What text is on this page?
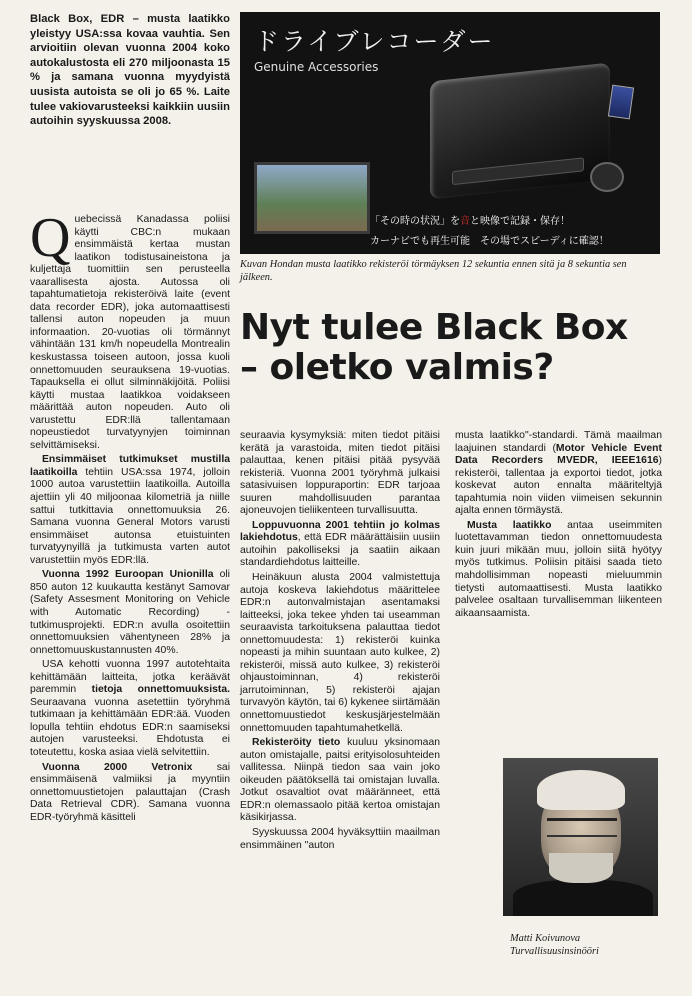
Black Box, EDR – musta laatikko yleistyy USA:ssa kovaa vauhtia. Sen arvioitiin olevan vuonna 2004 koko autokalustosta eli 270 miljoonasta 15 % ja samana vuonna myydyistä uusista autoista se oli jo 65 %. Laite tulee vakiovarusteeksi kaikkiin uusiin autoihin syyskuussa 2008.
ドライブレコーダー
Genuine Accessories
「その時の状況」を音と映像で記録・保存！
カーナビでも再生可能　その場でスピーディに確認！
Kuvan Hondan musta laatikko rekisteröi törmäyksen 12 sekuntia ennen sitä ja 8 sekuntia sen jälkeen.
Nyt tulee Black Box
– oletko valmis?

Quebecissä Kanadassa poliisi käytti CBC:n mukaan ensimmäistä kertaa mustan laatikon todistusaineistona ja kuljettaja tuomittiin sen perusteella vaarallisesta ajosta. Autossa oli tapahtumatietoja rekisteröivä laite (event data recorder EDR), joka automaattisesti tallensi auton nopeuden ja muun informaation. 20-vuotias oli törmännyt vähintään 131 km/h nopeudella Montrealin keskustassa toiseen autoon, jossa kuoli onnettomuuden seurauksena 19-vuotias. Tapauksella ei ollut silminnäkijöitä. Poliisi käytti mustaa laatikkoa voidakseen määrittää auton nopeuden. Auto oli varustettu EDR:llä tallentamaan nopeustiedot turvatyynyjen toiminnan selvittämiseksi.

Ensimmäiset tutkimukset mustilla laatikoilla tehtiin USA:ssa 1974, jolloin 1000 autoa varustettiin laatikoilla. Autoilla ajettiin yli 40 miljoonaa kilometriä ja niille sattui tutkittavia onnettomuuksia 26. Samana vuonna General Motors varusti ensimmäiset autonsa etuistuinten turvatyynyillä ja tutkimusta varten autot varustettiin myös EDR:llä.

Vuonna 1992 Euroopan Unionilla oli 850 auton 12 kuukautta kestänyt Samovar (Safety Assesment Monitoring on Vehicle with Automatic Recording) -tutkimusprojekti. EDR:n avulla osoitettiin onnettomuuksien vähentyneen 28% ja onnettomuuskustannusten 40%.

USA kehotti vuonna 1997 autotehtaita kehittämään laitteita, jotka keräävät paremmin tietoja onnettomuuksista. Seuraavana vuonna asetettiin työryhmä tutkimaan ja kehittämään EDR:ää. Vuoden lopulla tehtiin ehdotus EDR:n saamiseksi autojen varusteeksi. Ehdotusta ei toteutettu, koska asiaa vielä selvitettiin.

Vuonna 2000 Vetronix sai ensimmäisenä valmiiksi ja myyntiin onnettomuustietojen palauttajan (Crash Data Retrieval CDR). Samana vuonna EDR-työryhmä käsitteli

seuraavia kysymyksiä: miten tiedot pitäisi kerätä ja varastoida, miten tiedot pitäisi palauttaa, kenen pitäisi pitää pysyvää rekisteriä. Vuonna 2001 työryhmä julkaisi satasivuisen loppuraportin: EDR tarjoaa suuren mahdollisuuden parantaa ajoneuvojen tieliikenteen turvallisuutta.

Loppuvuonna 2001 tehtiin jo kolmas lakiehdotus, että EDR määrättäisiin uusiin autoihin pakolliseksi ja saatiin aikaan standardiehdotus laitteille.

Heinäkuun alusta 2004 valmistettuja autoja koskeva lakiehdotus määrittelee EDR:n autonvalmistajan asentamaksi laitteeksi, joka tekee yhden tai useamman seuraavista tarkoituksena palauttaa tiedot onnettomuudesta: 1) rekisteröi kuinka nopeasti ja mihin suuntaan auto kulkee, 2) rekisteröi, missä auto kulkee, 3) rekisteröi ohjaustoiminnan, 4) rekisteröi jarrutoiminnan, 5) rekisteröi ajajan turvavyön käytön, tai 6) kykenee siirtämään onnettomuustiedot keskusjärjestelmään onnettomuuden tapahtumahetkellä.

Rekisteröity tieto kuuluu yksinomaan auton omistajalle, paitsi erityisolosuhteiden vallitessa. Niinpä tiedon saa vain joko oikeuden päätöksellä tai omistajan luvalla. Jotkut osavaltiot ovat määränneet, että EDR:n olemassaolo pitää kertoa omistajan käsikirjassa.

Syyskuussa 2004 hyväksyttiin maailman ensimmäinen "auton

musta laatikko"-standardi. Tämä maailman laajuinen standardi (Motor Vehicle Event Data Recorders MVEDR, IEEE1616) rekisteröi, tallentaa ja exportoi tiedot, jotka koskevat auton ennalta määriteltyjä tapahtumia noin viiden viimeisen sekunnin ajalta ennen törmäystä.

Musta laatikko antaa useimmiten luotettavamman tiedon onnettomuudesta kuin juuri mikään muu, jolloin siitä hyötyy myös tutkimus. Poliisin pitäisi saada tieto mahdollisimman nopeasti mieluummin tietysti automaattisesti. Musta laatikko palvelee osaltaan turvallisemman liikenteen aikaansaamista.

Matti Koivunova
Turvallisuusinsinööri
